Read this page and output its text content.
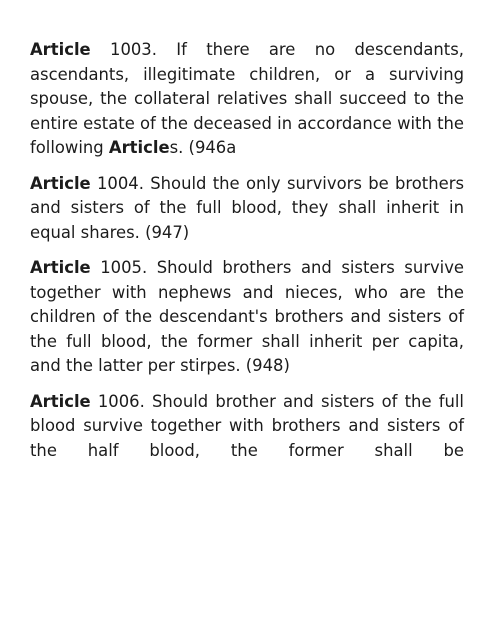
Article 1003. If there are no descendants, ascendants, illegitimate children, or a surviving spouse, the collateral relatives shall succeed to the entire estate of the deceased in accordance with the following Articles. (946a

Article 1004. Should the only survivors be brothers and sisters of the full blood, they shall inherit in equal shares. (947)

Article 1005. Should brothers and sisters survive together with nephews and nieces, who are the children of the descendant's brothers and sisters of the full blood, the former shall inherit per capita, and the latter per stirpes. (948)

Article 1006. Should brother and sisters of the full blood survive together with brothers and sisters of the half blood, the former shall be
